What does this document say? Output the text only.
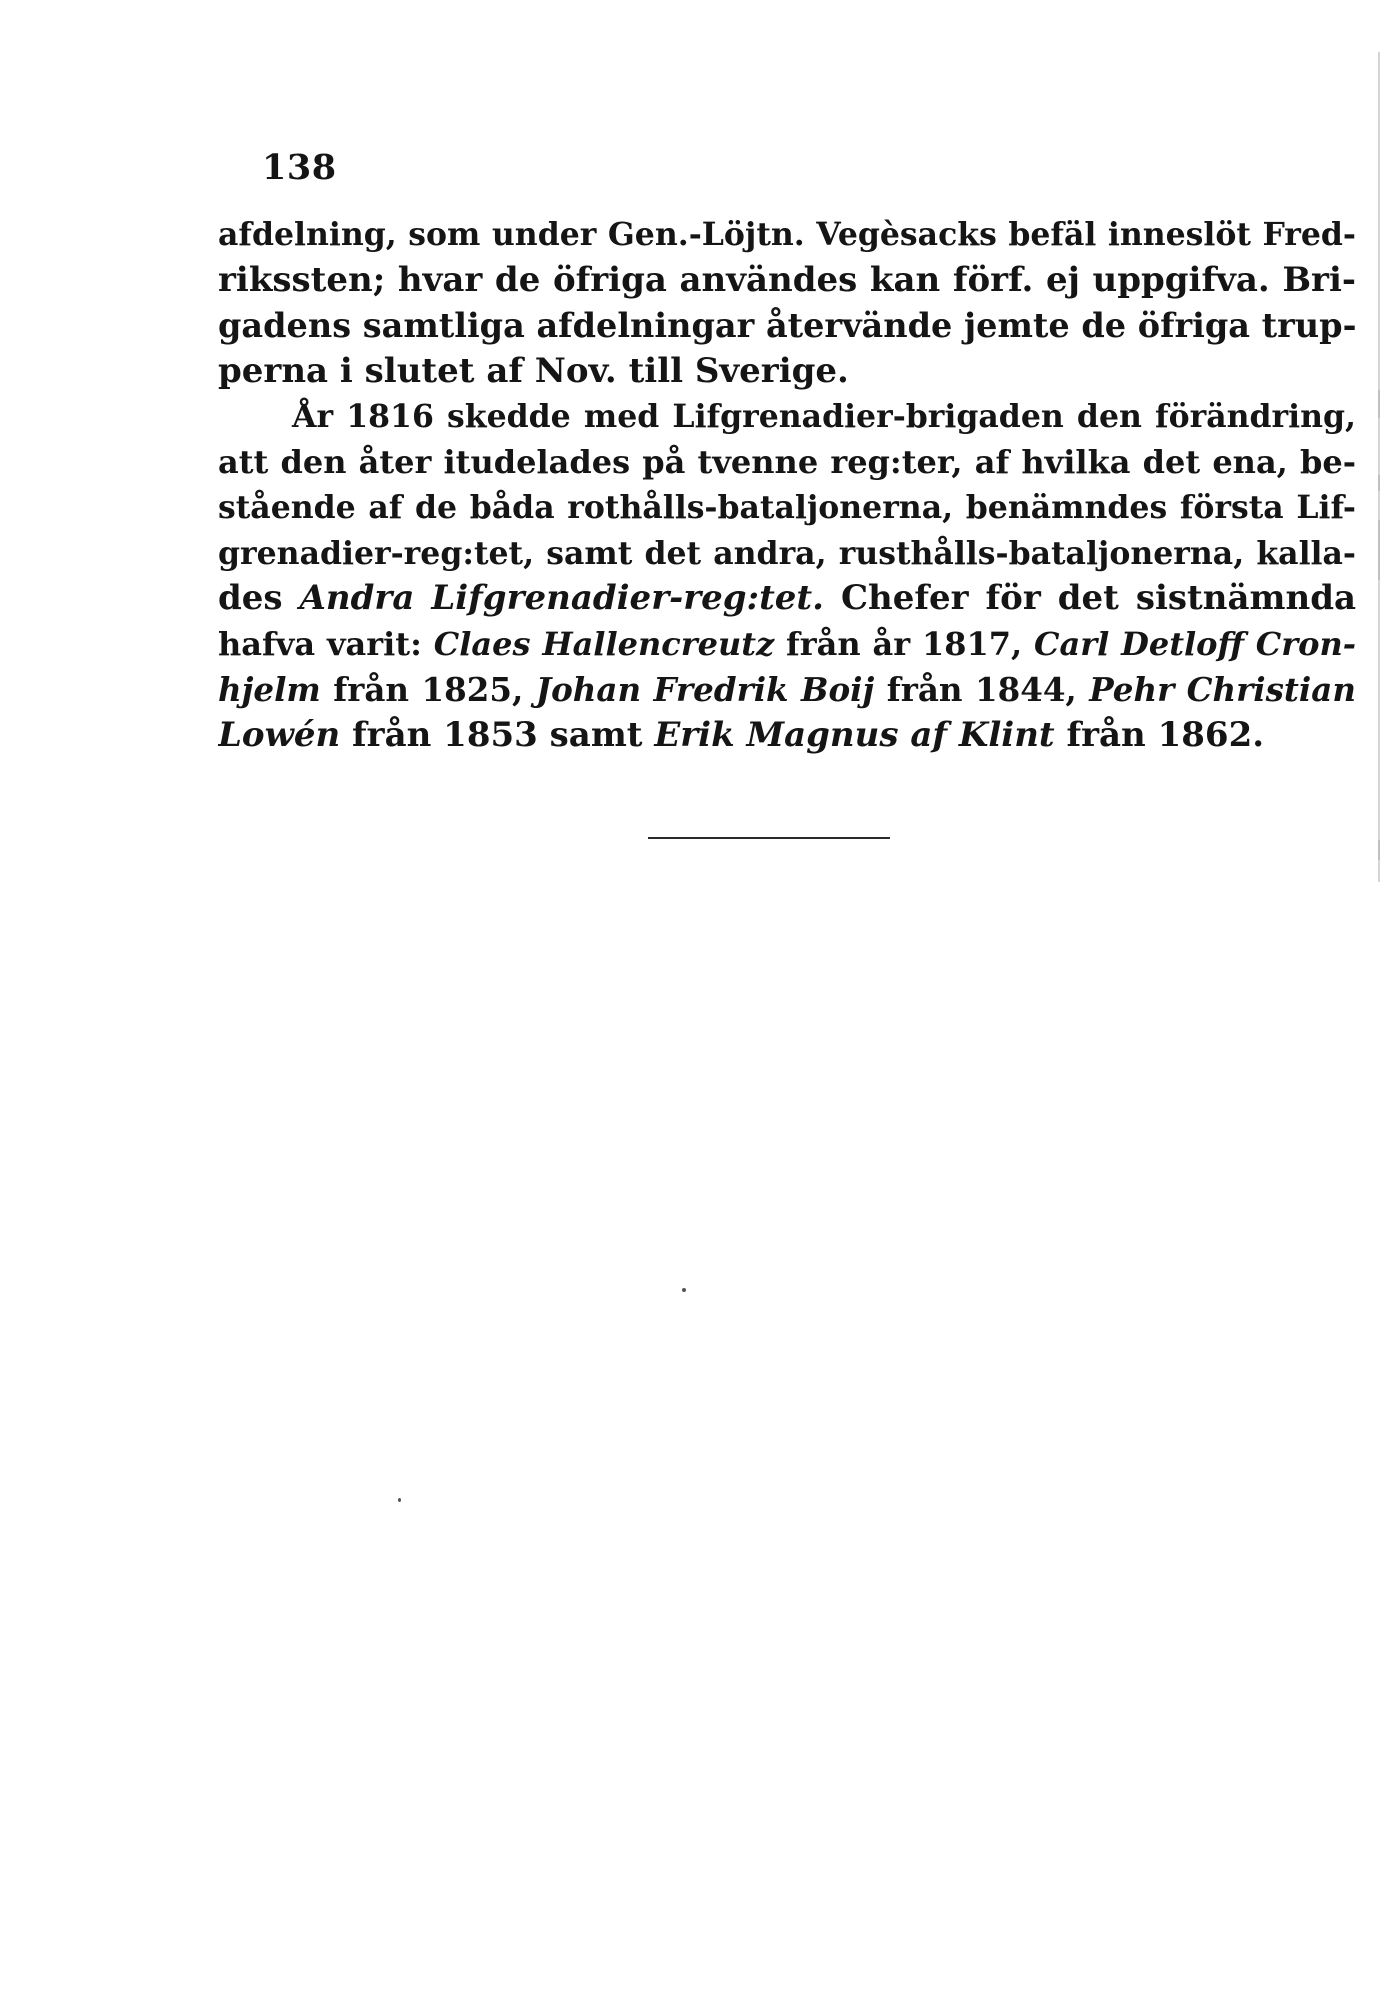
138
afdelning, som under Gen.-Löjtn. Vegèsacks befäl inneslöt Fred-
rikssten; hvar de öfriga användes kan förf. ej uppgifva. Bri-
gadens samtliga afdelningar återvände jemte de öfriga trup-
perna i slutet af Nov. till Sverige.
År 1816 skedde med Lifgrenadier-brigaden den förändring,
att den åter itudelades på tvenne reg:ter, af hvilka det ena, be-
stående af de båda rothålls-bataljonerna, benämndes första Lif-
grenadier-reg:tet, samt det andra, rusthålls-bataljonerna, kalla-
des Andra Lifgrenadier-reg:tet. Chefer för det sistnämnda
hafva varit: Claes Hallencreutz från år 1817, Carl Detloff Cron-
hjelm från 1825, Johan Fredrik Boij från 1844, Pehr Christian
Lowén från 1853 samt Erik Magnus af Klint från 1862.
